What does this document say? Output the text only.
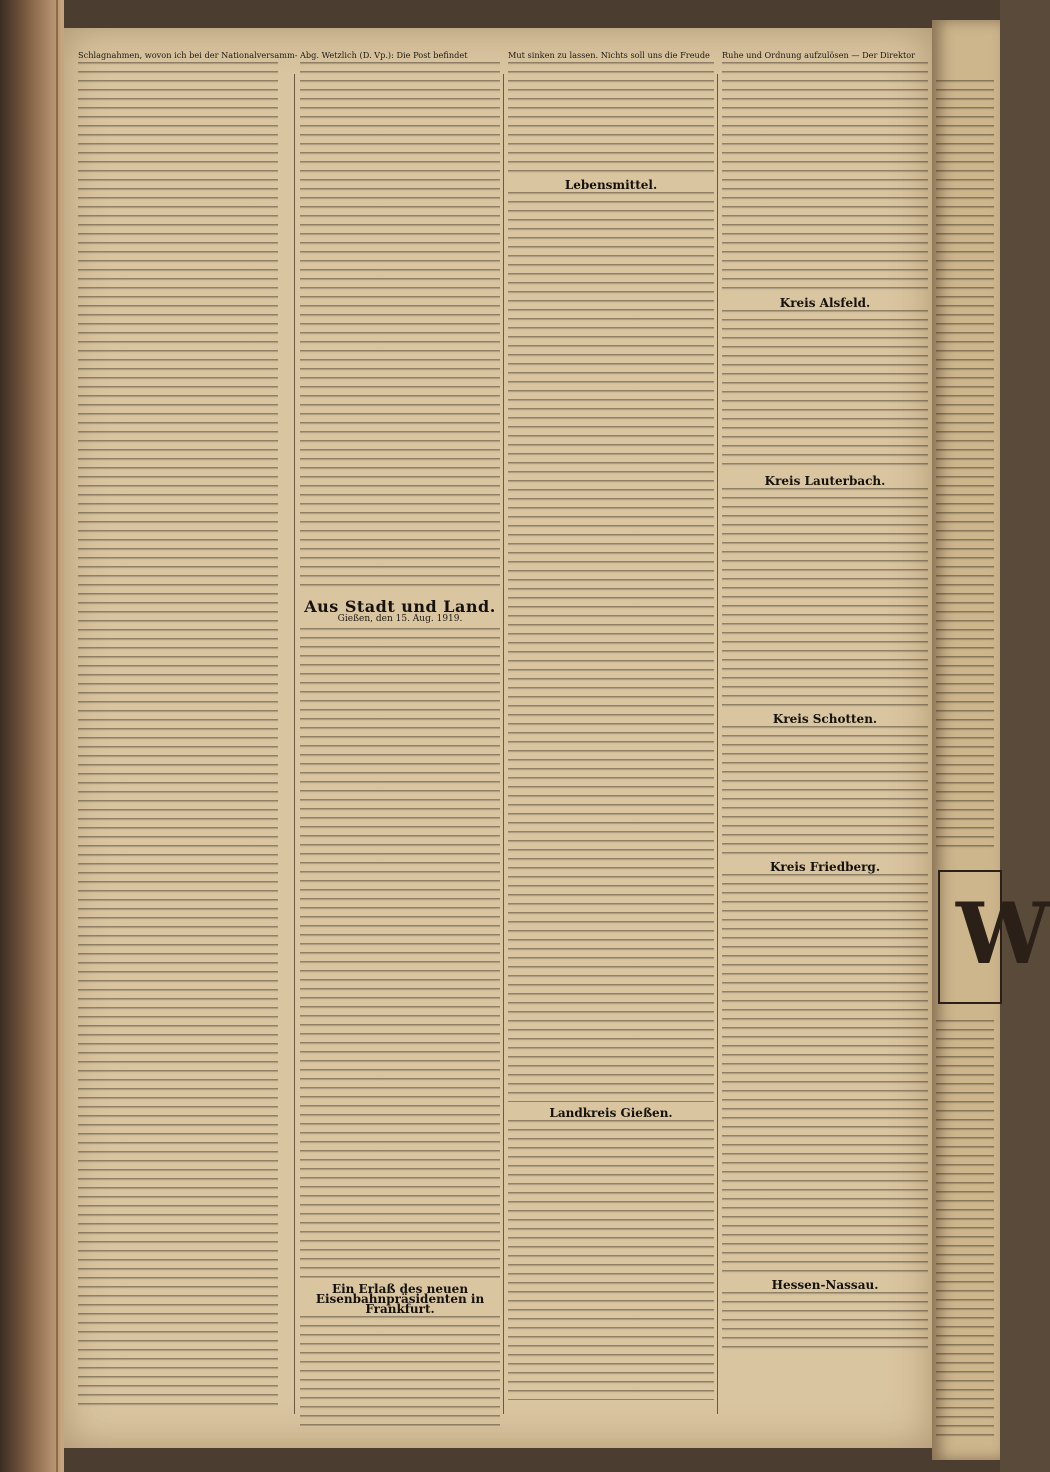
Schlagnahmen, wovon ich bei der Nationalversamm- Abg. Wetzlich (D. Vp.): Die Post befindet

Aus Stadt und Land.
Gießen, den 15. Aug. 1919.
Ein Erlaß des neuen Eisenbahnpräsidenten in Frankfurt.

Mut sinken zu lassen. Nichts soll uns die Freude

Lebensmittel.
Landkreis Gießen.

Ruhe und Ordnung aufzulösen — Der Direktor

Kreis Alsfeld.
Kreis Lauterbach.
Kreis Schotten.
Kreis Friedberg.
Hessen-Nassau.
W
